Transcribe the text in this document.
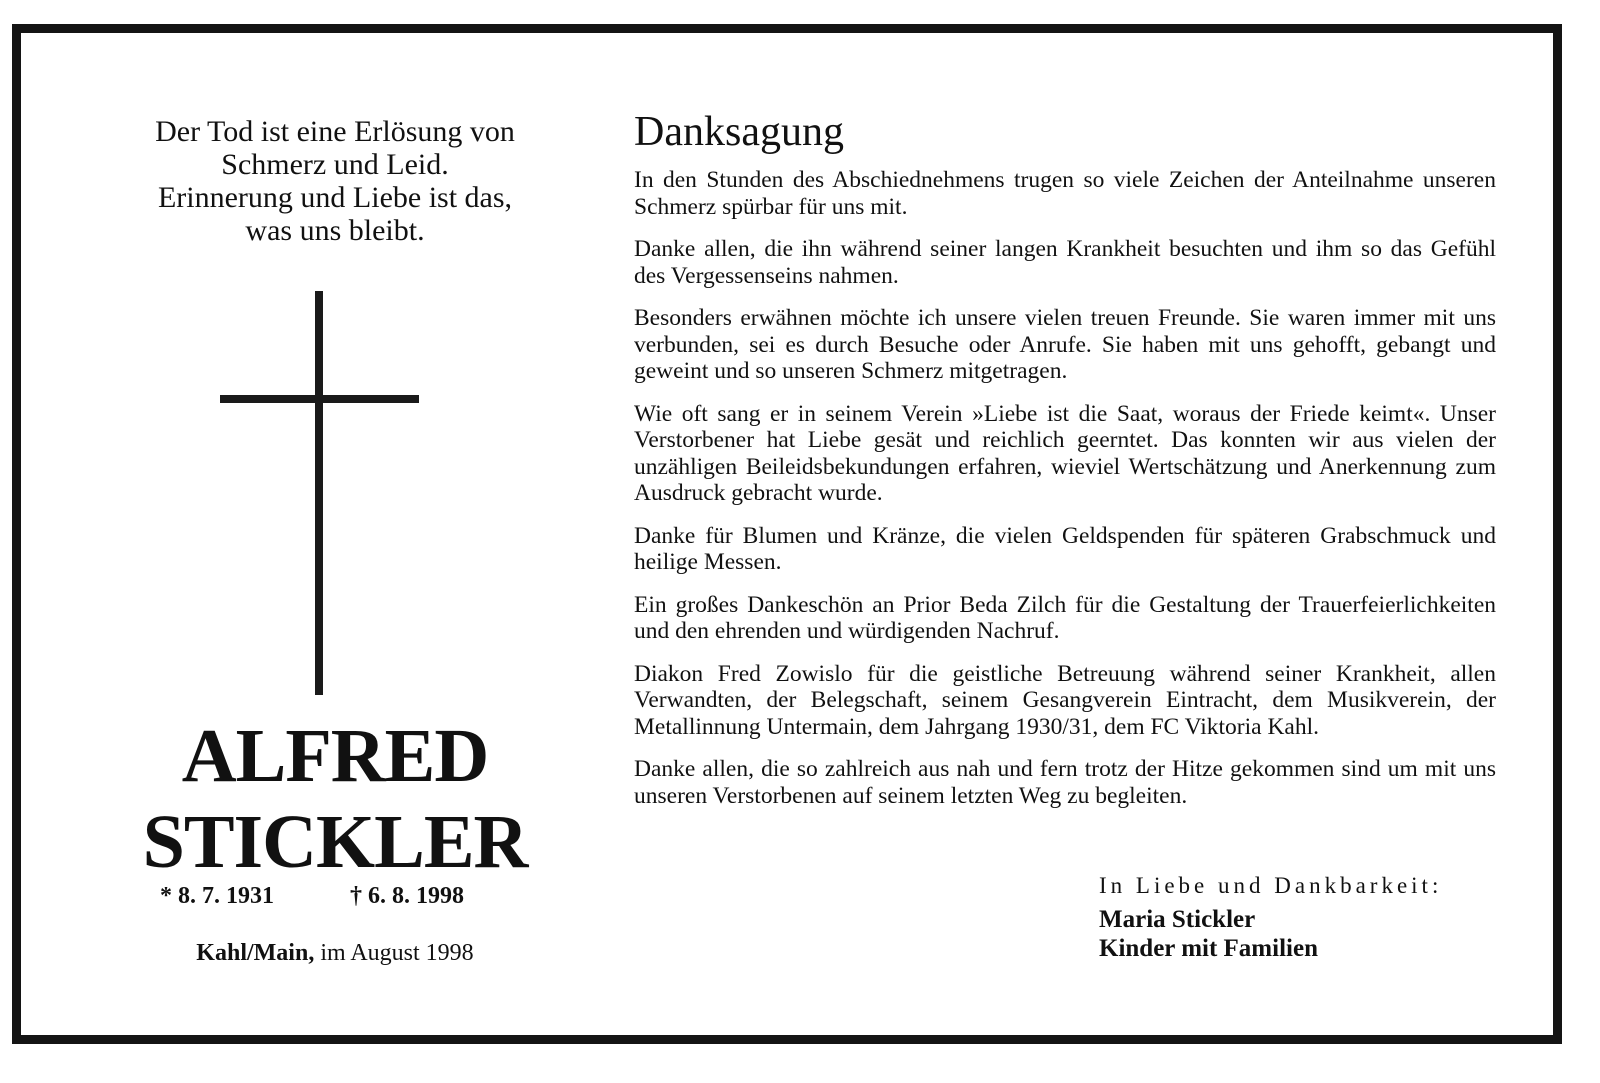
Der Tod ist eine Erlösung von
Schmerz und Leid.
Erinnerung und Liebe ist das,
was uns bleibt.
ALFRED
STICKLER
* 8. 7. 1931	† 6. 8. 1998
Kahl/Main, im August 1998
Danksagung

In den Stunden des Abschiednehmens trugen so viele Zeichen der Anteilnahme unseren Schmerz spürbar für uns mit.

Danke allen, die ihn während seiner langen Krankheit besuchten und ihm so das Gefühl des Vergessenseins nahmen.

Besonders erwähnen möchte ich unsere vielen treuen Freunde. Sie waren immer mit uns verbunden, sei es durch Besuche oder Anrufe. Sie haben mit uns gehofft, gebangt und geweint und so unseren Schmerz mitgetragen.

Wie oft sang er in seinem Verein »Liebe ist die Saat, woraus der Friede keimt«. Unser Verstorbener hat Liebe gesät und reichlich geerntet. Das konnten wir aus vielen der unzähligen Beileidsbekundungen erfahren, wieviel Wertschätzung und Anerkennung zum Ausdruck gebracht wurde.

Danke für Blumen und Kränze, die vielen Geldspenden für späteren Grabschmuck und heilige Messen.

Ein großes Dankeschön an Prior Beda Zilch für die Gestaltung der Trauerfeierlichkeiten und den ehrenden und würdigenden Nachruf.

Diakon Fred Zowislo für die geistliche Betreuung während seiner Krankheit, allen Verwandten, der Belegschaft, seinem Gesangverein Eintracht, dem Musikverein, der Metallinnung Untermain, dem Jahrgang 1930/31, dem FC Viktoria Kahl.

Danke allen, die so zahlreich aus nah und fern trotz der Hitze gekommen sind um mit uns unseren Verstorbenen auf seinem letzten Weg zu begleiten.

In Liebe und Dankbarkeit:
Maria Stickler
Kinder mit Familien
